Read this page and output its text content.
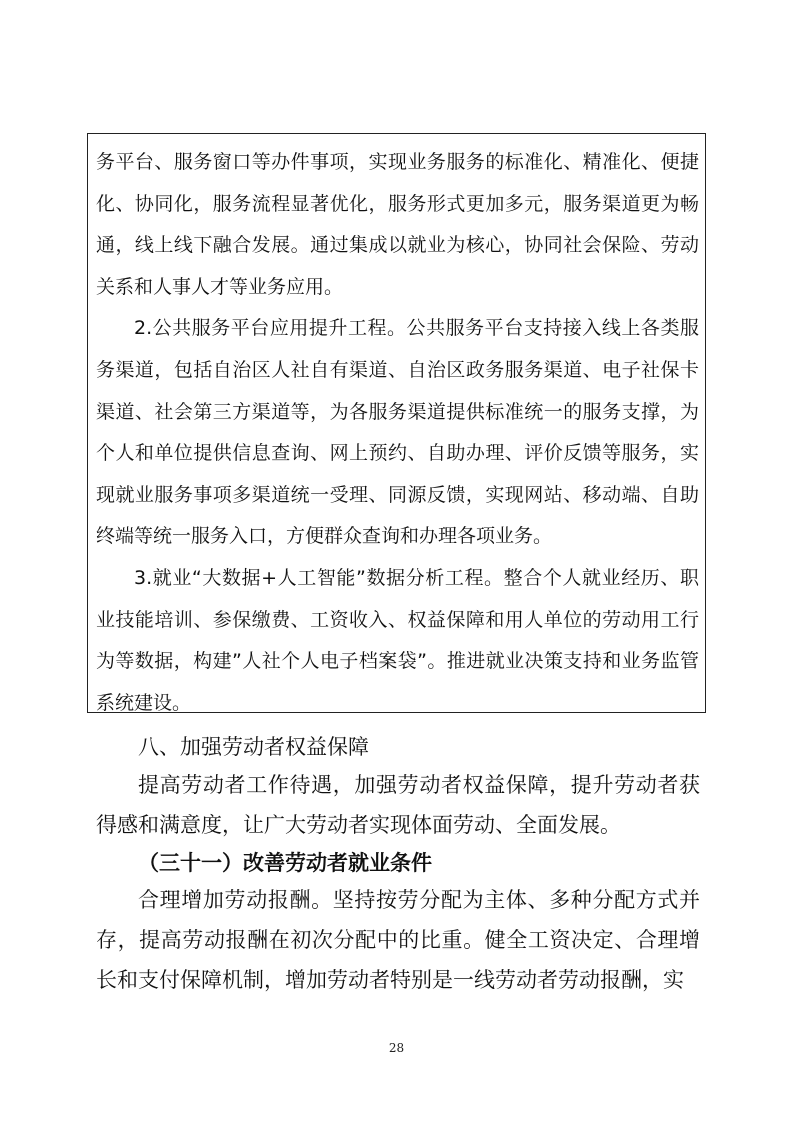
务平台、服务窗口等办件事项，实现业务服务的标准化、精准化、便捷化、协同化，服务流程显著优化，服务形式更加多元，服务渠道更为畅通，线上线下融合发展。通过集成以就业为核心，协同社会保险、劳动关系和人事人才等业务应用。

2.公共服务平台应用提升工程。公共服务平台支持接入线上各类服务渠道，包括自治区人社自有渠道、自治区政务服务渠道、电子社保卡渠道、社会第三方渠道等，为各服务渠道提供标准统一的服务支撑，为个人和单位提供信息查询、网上预约、自助办理、评价反馈等服务，实现就业服务事项多渠道统一受理、同源反馈，实现网站、移动端、自助终端等统一服务入口，方便群众查询和办理各项业务。

3.就业“大数据+人工智能”数据分析工程。整合个人就业经历、职业技能培训、参保缴费、工资收入、权益保障和用人单位的劳动用工行为等数据，构建”人社个人电子档案袋”。推进就业决策支持和业务监管系统建设。

八、加强劳动者权益保障

提高劳动者工作待遇，加强劳动者权益保障，提升劳动者获得感和满意度，让广大劳动者实现体面劳动、全面发展。

（三十一）改善劳动者就业条件

合理增加劳动报酬。坚持按劳分配为主体、多种分配方式并存，提高劳动报酬在初次分配中的比重。健全工资决定、合理增长和支付保障机制，增加劳动者特别是一线劳动者劳动报酬，实

28
